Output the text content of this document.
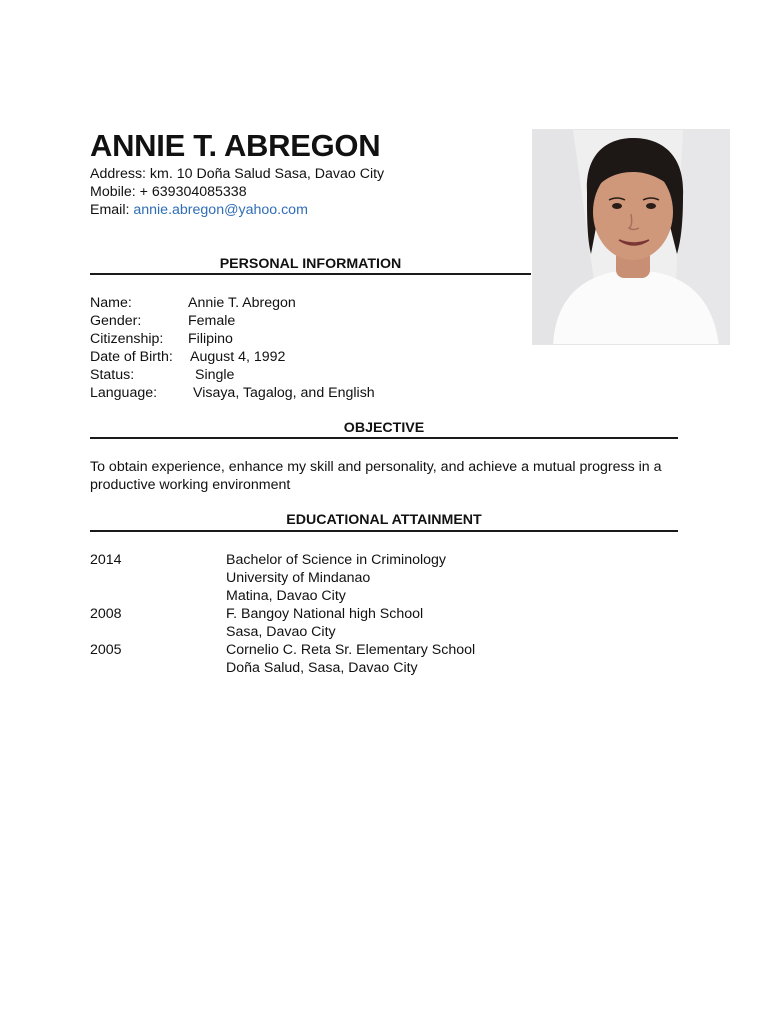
ANNIE T. ABREGON
Address: km. 10 Doña Salud Sasa, Davao City
Mobile: + 639304085338
Email: annie.abregon@yahoo.com
PERSONAL INFORMATION
Name:	Annie T. Abregon
Gender:	Female
Citizenship: Filipino
Date of Birth: August 4, 1992
Status:	Single
Language:	Visaya, Tagalog, and English
OBJECTIVE
To obtain experience, enhance my skill and personality, and achieve a mutual progress in a productive working environment
EDUCATIONAL ATTAINMENT
2014	Bachelor of Science in Criminology
University of Mindanao
Matina, Davao City
2008	F. Bangoy National high School
Sasa, Davao City
2005	Cornelio C. Reta Sr. Elementary School
Doña Salud, Sasa, Davao City
